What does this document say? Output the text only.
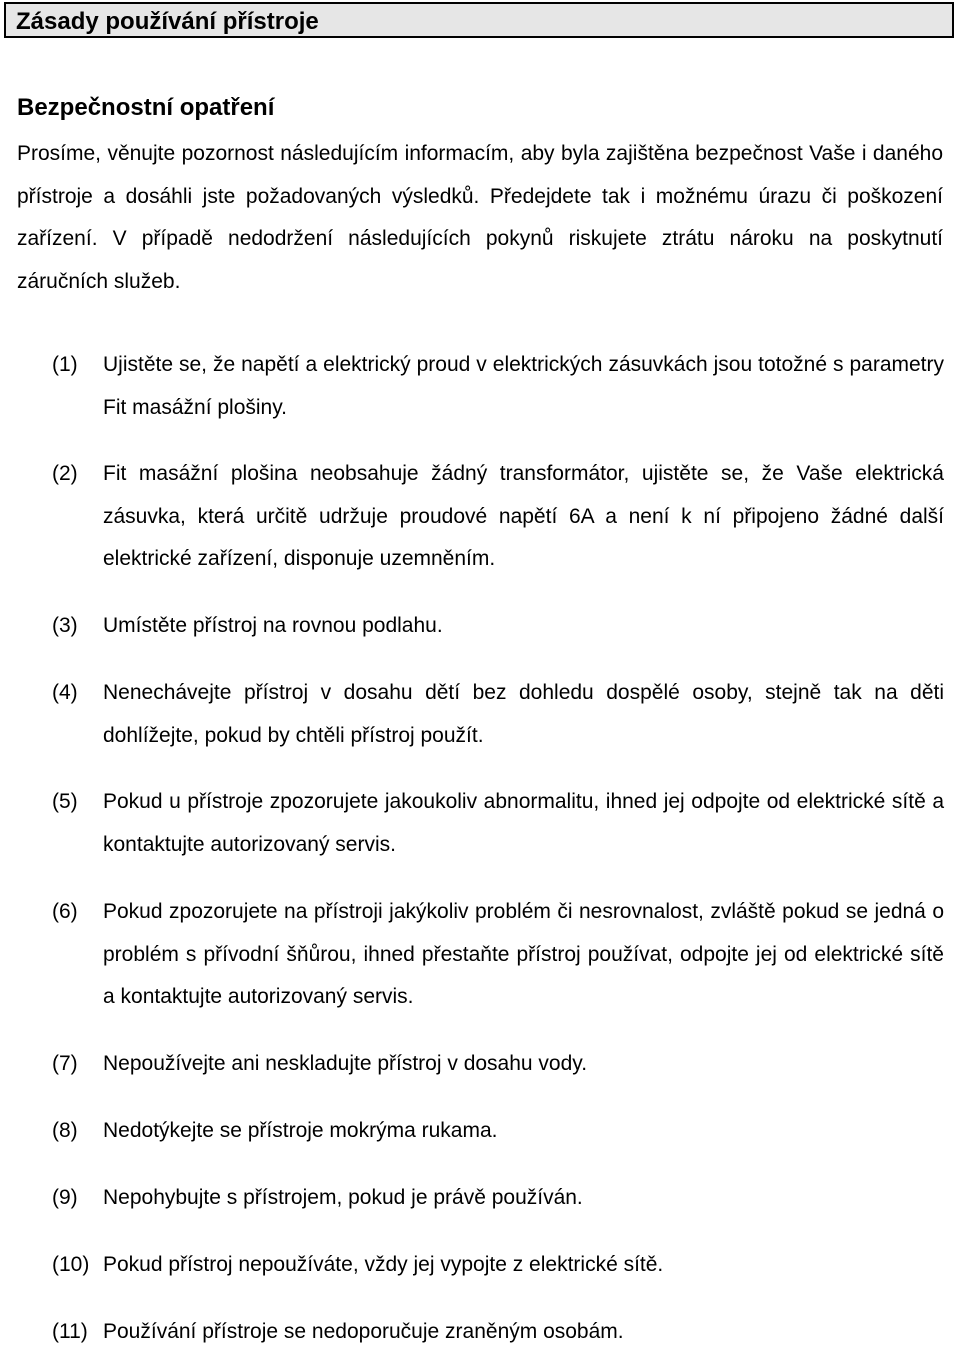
Zásady používání přístroje
Bezpečnostní opatření

Prosíme, věnujte pozornost následujícím informacím, aby byla zajištěna bezpečnost Vaše i daného přístroje a dosáhli jste požadovaných výsledků. Předejdete tak i možnému úrazu či poškození zařízení. V případě nedodržení následujících pokynů riskujete ztrátu nároku na poskytnutí záručních služeb.

(1)	Ujistěte se, že napětí a elektrický proud v elektrických zásuvkách jsou totožné s parametry Fit masážní plošiny.
(2)	Fit masážní plošina neobsahuje žádný transformátor, ujistěte se, že Vaše elektrická zásuvka, která určitě udržuje proudové napětí 6A a není k ní připojeno žádné další elektrické zařízení, disponuje uzemněním.
(3)	Umístěte přístroj na rovnou podlahu.
(4)	Nenechávejte přístroj v dosahu dětí bez dohledu dospělé osoby, stejně tak na děti dohlížejte, pokud by chtěli přístroj použít.
(5)	Pokud u přístroje zpozorujete jakoukoliv abnormalitu, ihned jej odpojte od elektrické sítě a kontaktujte autorizovaný servis.
(6)	Pokud zpozorujete na přístroji jakýkoliv problém či nesrovnalost, zvláště pokud se jedná o problém s přívodní šňůrou, ihned přestaňte přístroj používat, odpojte jej od elektrické sítě a kontaktujte autorizovaný servis.
(7)	Nepoužívejte ani neskladujte přístroj v dosahu vody.
(8)	Nedotýkejte se přístroje mokrýma rukama.
(9)	Nepohybujte s přístrojem, pokud je právě používán.
(10) Pokud přístroj nepoužíváte, vždy jej vypojte z elektrické sítě.
(11) Používání přístroje se nedoporučuje zraněným osobám.
